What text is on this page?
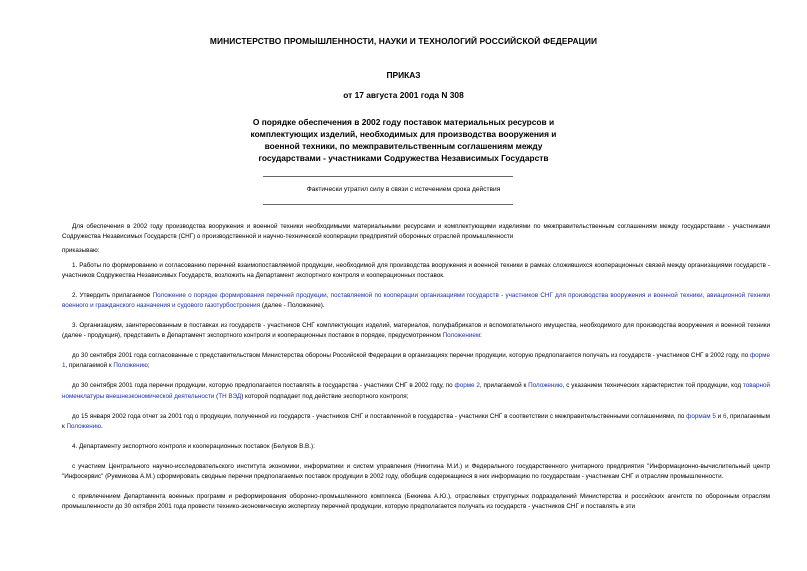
МИНИСТЕРСТВО ПРОМЫШЛЕННОСТИ, НАУКИ И ТЕХНОЛОГИЙ РОССИЙСКОЙ ФЕДЕРАЦИИ
ПРИКАЗ
от 17 августа 2001 года N 308
О порядке обеспечения в 2002 году поставок материальных ресурсов и
комплектующих изделий, необходимых для производства вооружения и
военной техники, по межправительственным соглашениям между
государствами - участниками Содружества Независимых Государств
Фактически утратил силу в связи с истечением срока действия

Для обеспечения в 2002 году производства вооружения и военной техники необходимыми материальными ресурсами и комплектующими изделиями по межправительственным соглашениям между государствами - участниками Содружества Независимых Государств (СНГ) о производственной и научно-технической кооперации предприятий оборонных отраслей промышленности

приказываю:

1. Работы по формированию и согласованию перечней взаимопоставляемой продукции, необходимой для производства вооружения и военной техники в рамках сложившихся кооперационных связей между организациями государств - участников Содружества Независимых Государств, возложить на Департамент экспортного контроля и кооперационных поставок.

2. Утвердить прилагаемое Положение о порядке формирования перечней продукции, поставляемой по кооперации организациями государств - участников СНГ для производства вооружения и военной техники, авиационной техники военного и гражданского назначения и судового газотурбостроения (далее - Положение).

3. Организациям, заинтересованным в поставках из государств - участников СНГ комплектующих изделий, материалов, полуфабрикатов и вспомогательного имущества, необходимого для производства вооружения и военной техники (далее - продукция), представить в Департамент экспортного контроля и кооперационных поставок в порядке, предусмотренном Положением:

до 30 сентября 2001 года согласованные с представительством Министерства обороны Российской Федерации в организациях перечни продукции, которую предполагается получать из государств - участников СНГ в 2002 году, по форме 1, прилагаемой к Положению;

до 30 сентября 2001 года перечни продукции, которую предполагается поставлять в государства - участники СНГ в 2002 году, по форме 2, прилагаемой к Положению, с указанием технических характеристик той продукции, код товарной номенклатуры внешнеэкономической деятельности (ТН ВЭД) которой подпадает под действие экспортного контроля;

до 15 января 2002 года отчет за 2001 год о продукции, полученной из государств - участников СНГ и поставленной в государства - участники СНГ в соответствии с межправительственными соглашениями, по формам 5 и 6, прилагаемым к Положению.

4. Департаменту экспортного контроля и кооперационных поставок (Белуков В.В.):

с участием Центрального научно-исследовательского института экономики, информатики и систем управления (Никитина М.И.) и Федерального государственного унитарного предприятия "Информационно-вычислительный центр "Инфосервис" (Рукмикова А.М.) сформировать сводные перечни предполагаемых поставок продукции в 2002 году, обобщив содержащиеся в них информацию по государствам - участникам СНГ и отраслям промышленности.

с привлечением Департамента военных программ и реформирования оборонно-промышленного комплекса (Бекиева А.Ю.), отраслевых структурных подразделений Министерства и российских агентств по оборонным отраслям промышленности до 30 октября 2001 года провести технико-экономическую экспертизу перечней продукции, которую предполагается получать из государств - участников СНГ и поставлять в эти
